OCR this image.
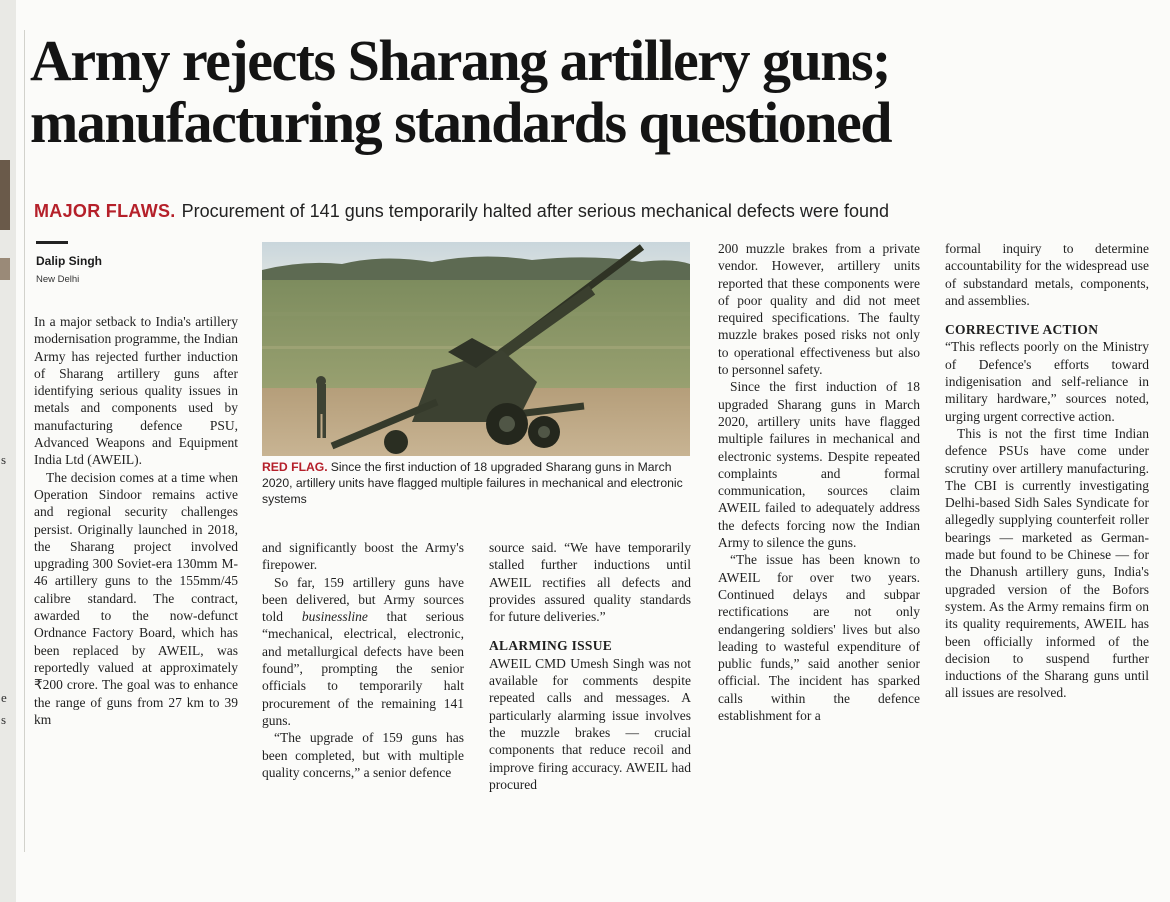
s
e
s
Army rejects Sharang artillery guns;
manufacturing standards questioned
MAJOR FLAWS. Procurement of 141 guns temporarily halted after serious mechanical defects were found
Dalip Singh
New Delhi

In a major setback to India's artillery modernisation programme, the Indian Army has rejected further induction of Sharang artillery guns after identifying serious quality issues in metals and components used by manufacturing defence PSU, Advanced Weapons and Equipment India Ltd (AWEIL).

The decision comes at a time when Operation Sindoor remains active and regional security challenges persist. Originally launched in 2018, the Sharang project involved upgrading 300 Soviet-era 130mm M-46 artillery guns to the 155mm/45 calibre standard. The contract, awarded to the now-defunct Ordnance Factory Board, which has been replaced by AWEIL, was reportedly valued at approximately ₹200 crore. The goal was to enhance the range of guns from 27 km to 39 km

RED FLAG. Since the first induction of 18 upgraded Sharang guns in March 2020, artillery units have flagged multiple failures in mechanical and electronic systems

and significantly boost the Army's firepower.

So far, 159 artillery guns have been delivered, but Army sources told businessline that serious “mechanical, electrical, electronic, and metallurgical defects have been found”, prompting the senior officials to temporarily halt procurement of the remaining 141 guns.

“The upgrade of 159 guns has been completed, but with multiple quality concerns,” a senior defence

source said. “We have temporarily stalled further inductions until AWEIL rectifies all defects and provides assured quality standards for future deliveries.”

ALARMING ISSUE

AWEIL CMD Umesh Singh was not available for comments despite repeated calls and messages. A particularly alarming issue involves the muzzle brakes — crucial components that reduce recoil and improve firing accuracy. AWEIL had procured

200 muzzle brakes from a private vendor. However, artillery units reported that these components were of poor quality and did not meet required specifications. The faulty muzzle brakes posed risks not only to operational effectiveness but also to personnel safety.

Since the first induction of 18 upgraded Sharang guns in March 2020, artillery units have flagged multiple failures in mechanical and electronic systems. Despite repeated complaints and formal communication, sources claim AWEIL failed to adequately address the defects forcing now the Indian Army to silence the guns.

“The issue has been known to AWEIL for over two years. Continued delays and subpar rectifications are not only endangering soldiers' lives but also leading to wasteful expenditure of public funds,” said another senior official. The incident has sparked calls within the defence establishment for a

formal inquiry to determine accountability for the widespread use of substandard metals, components, and assemblies.

CORRECTIVE ACTION

“This reflects poorly on the Ministry of Defence's efforts toward indigenisation and self-reliance in military hardware,” sources noted, urging urgent corrective action.

This is not the first time Indian defence PSUs have come under scrutiny over artillery manufacturing. The CBI is currently investigating Delhi-based Sidh Sales Syndicate for allegedly supplying counterfeit roller bearings — marketed as German-made but found to be Chinese — for the Dhanush artillery guns, India's upgraded version of the Bofors system. As the Army remains firm on its quality requirements, AWEIL has been officially informed of the decision to suspend further inductions of the Sharang guns until all issues are resolved.
